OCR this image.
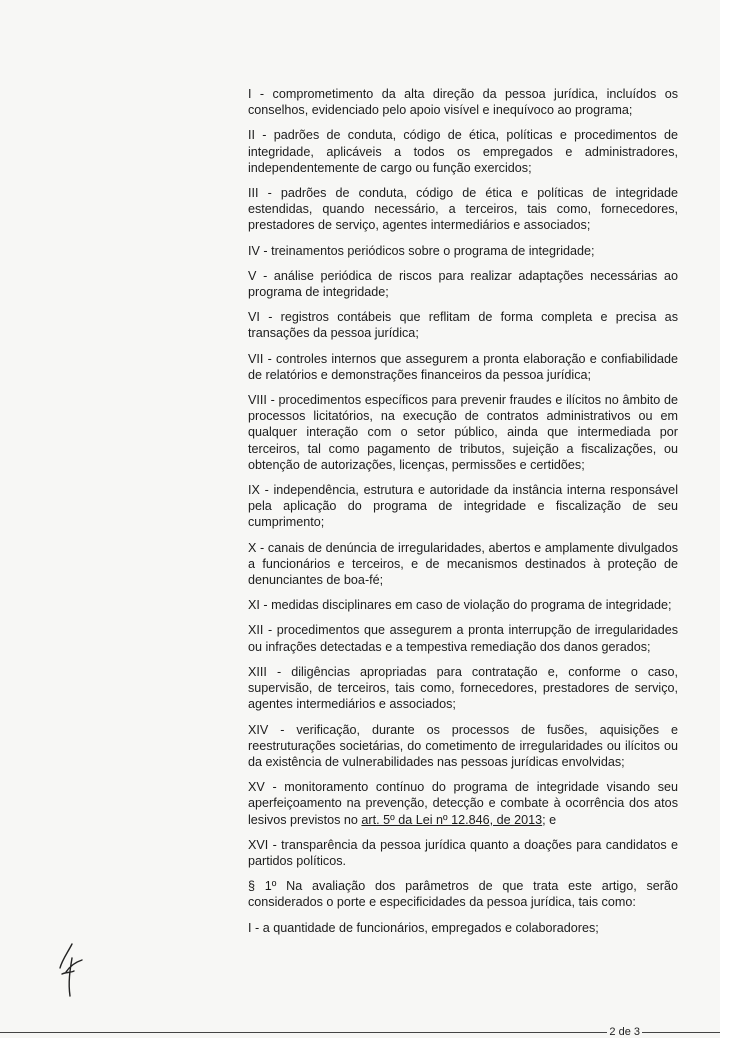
I - comprometimento da alta direção da pessoa jurídica, incluídos os conselhos, evidenciado pelo apoio visível e inequívoco ao programa;

II - padrões de conduta, código de ética, políticas e procedimentos de integridade, aplicáveis a todos os empregados e administradores, independentemente de cargo ou função exercidos;

III - padrões de conduta, código de ética e políticas de integridade estendidas, quando necessário, a terceiros, tais como, fornecedores, prestadores de serviço, agentes intermediários e associados;

IV - treinamentos periódicos sobre o programa de integridade;

V - análise periódica de riscos para realizar adaptações necessárias ao programa de integridade;

VI - registros contábeis que reflitam de forma completa e precisa as transações da pessoa jurídica;

VII - controles internos que assegurem a pronta elaboração e confiabilidade de relatórios e demonstrações financeiros da pessoa jurídica;

VIII - procedimentos específicos para prevenir fraudes e ilícitos no âmbito de processos licitatórios, na execução de contratos administrativos ou em qualquer interação com o setor público, ainda que intermediada por terceiros, tal como pagamento de tributos, sujeição a fiscalizações, ou obtenção de autorizações, licenças, permissões e certidões;

IX - independência, estrutura e autoridade da instância interna responsável pela aplicação do programa de integridade e fiscalização de seu cumprimento;

X - canais de denúncia de irregularidades, abertos e amplamente divulgados a funcionários e terceiros, e de mecanismos destinados à proteção de denunciantes de boa-fé;

XI - medidas disciplinares em caso de violação do programa de integridade;

XII - procedimentos que assegurem a pronta interrupção de irregularidades ou infrações detectadas e a tempestiva remediação dos danos gerados;

XIII - diligências apropriadas para contratação e, conforme o caso, supervisão, de terceiros, tais como, fornecedores, prestadores de serviço, agentes intermediários e associados;

XIV - verificação, durante os processos de fusões, aquisições e reestruturações societárias, do cometimento de irregularidades ou ilícitos ou da existência de vulnerabilidades nas pessoas jurídicas envolvidas;

XV - monitoramento contínuo do programa de integridade visando seu aperfeiçoamento na prevenção, detecção e combate à ocorrência dos atos lesivos previstos no art. 5º da Lei nº 12.846, de 2013; e

XVI - transparência da pessoa jurídica quanto a doações para candidatos e partidos políticos.

§ 1º Na avaliação dos parâmetros de que trata este artigo, serão considerados o porte e especificidades da pessoa jurídica, tais como:

I - a quantidade de funcionários, empregados e colaboradores;

2 de 3
